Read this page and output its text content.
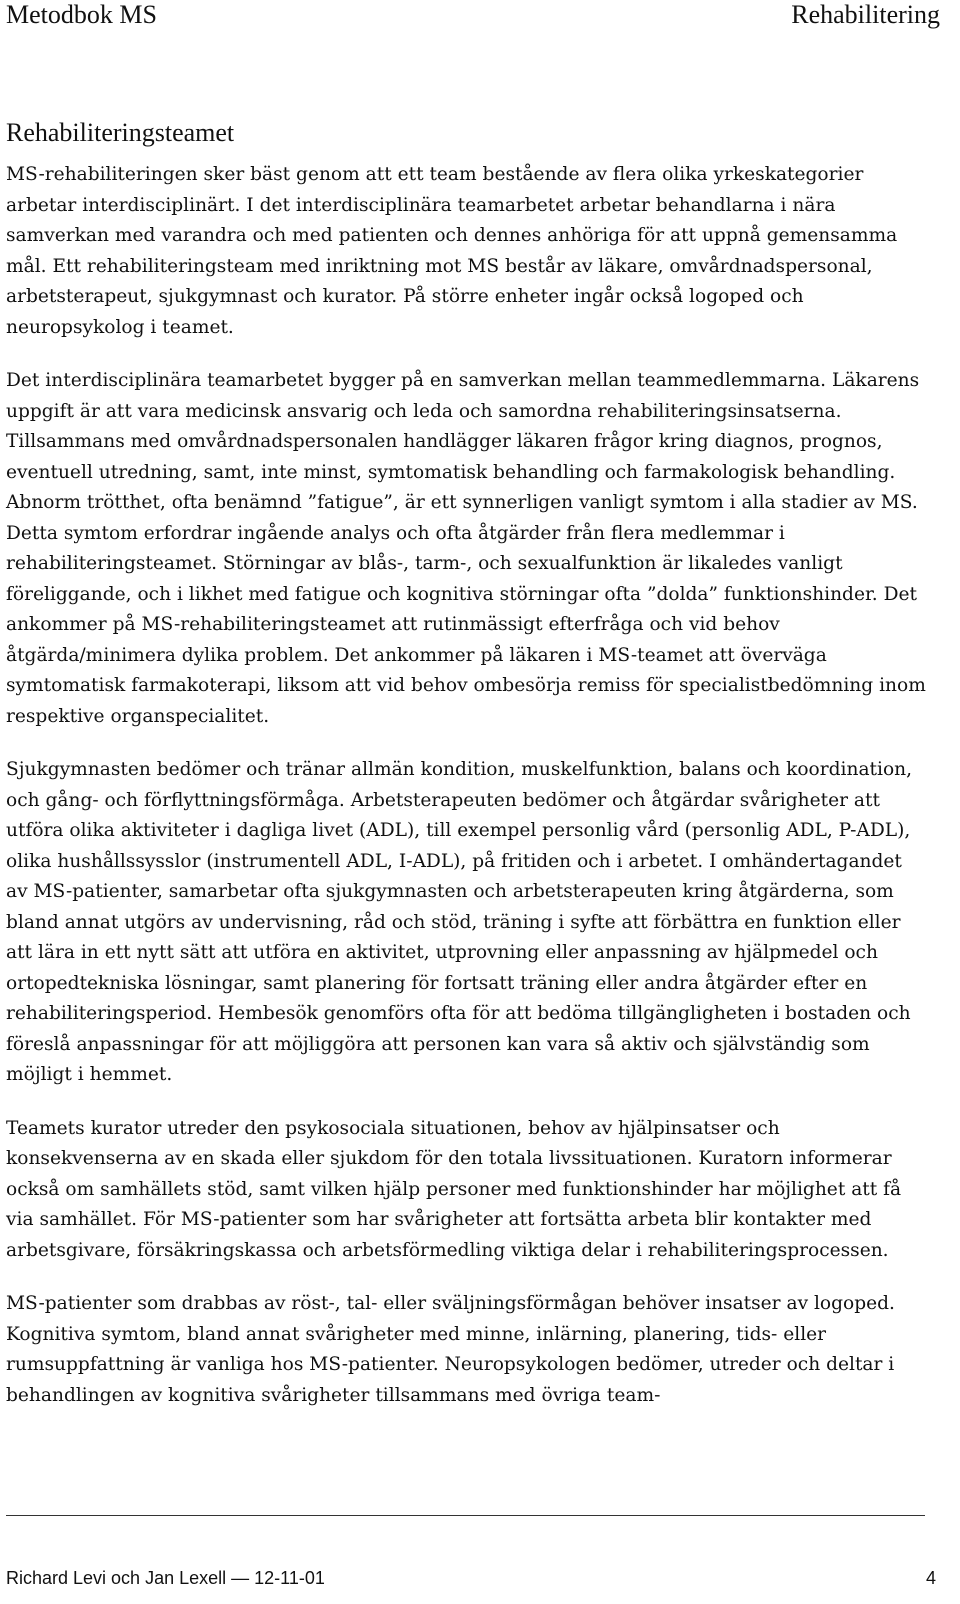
Metodbok MS	Rehabilitering
Rehabiliteringsteamet

MS-rehabiliteringen sker bäst genom att ett team bestående av flera olika yrkeskategorier arbetar interdisciplinärt. I det interdisciplinära teamarbetet arbetar behandlarna i nära samverkan med varandra och med patienten och dennes anhöriga för att uppnå gemensamma mål. Ett rehabiliteringsteam med inriktning mot MS består av läkare, omvårdnadspersonal, arbetsterapeut, sjukgymnast och kurator. På större enheter ingår också logoped och neuropsykolog i teamet.

Det interdisciplinära teamarbetet bygger på en samverkan mellan teammedlemmarna. Läkarens uppgift är att vara medicinsk ansvarig och leda och samordna rehabiliteringsinsatserna. Tillsammans med omvårdnadspersonalen handlägger läkaren frågor kring diagnos, prognos, eventuell utredning, samt, inte minst, symtomatisk behandling och farmakologisk behandling. Abnorm trötthet, ofta benämnd ”fatigue”, är ett synnerligen vanligt symtom i alla stadier av MS. Detta symtom erfordrar ingående analys och ofta åtgärder från flera medlemmar i rehabiliteringsteamet. Störningar av blås-, tarm-, och sexualfunktion är likaledes vanligt föreliggande, och i likhet med fatigue och kognitiva störningar ofta ”dolda” funktionshinder. Det ankommer på MS-rehabiliteringsteamet att rutinmässigt efterfråga och vid behov åtgärda/minimera dylika problem. Det ankommer på läkaren i MS-teamet att överväga symtomatisk farmakoterapi, liksom att vid behov ombesörja remiss för specialistbedömning inom respektive organspecialitet.

Sjukgymnasten bedömer och tränar allmän kondition, muskelfunktion, balans och koordination, och gång- och förflyttningsförmåga. Arbetsterapeuten bedömer och åtgärdar svårigheter att utföra olika aktiviteter i dagliga livet (ADL), till exempel personlig vård (personlig ADL, P-ADL), olika hushållssysslor (instrumentell ADL, I-ADL), på fritiden och i arbetet. I omhändertagandet av MS-patienter, samarbetar ofta sjukgymnasten och arbetsterapeuten kring åtgärderna, som bland annat utgörs av undervisning, råd och stöd, träning i syfte att förbättra en funktion eller att lära in ett nytt sätt att utföra en aktivitet, utprovning eller anpassning av hjälpmedel och ortopedtekniska lösningar, samt planering för fortsatt träning eller andra åtgärder efter en rehabiliteringsperiod. Hembesök genomförs ofta för att bedöma tillgängligheten i bostaden och föreslå anpassningar för att möjliggöra att personen kan vara så aktiv och självständig som möjligt i hemmet.

Teamets kurator utreder den psykosociala situationen, behov av hjälpinsatser och konsekvenserna av en skada eller sjukdom för den totala livssituationen. Kuratorn informerar också om samhällets stöd, samt vilken hjälp personer med funktionshinder har möjlighet att få via samhället. För MS-patienter som har svårigheter att fortsätta arbeta blir kontakter med arbetsgivare, försäkringskassa och arbetsförmedling viktiga delar i rehabiliteringsprocessen.

MS-patienter som drabbas av röst-, tal- eller sväljningsförmågan behöver insatser av logoped. Kognitiva symtom, bland annat svårigheter med minne, inlärning, planering, tids- eller rumsuppfattning är vanliga hos MS-patienter. Neuropsykologen bedömer, utreder och deltar i behandlingen av kognitiva svårigheter tillsammans med övriga team-

Richard Levi och Jan Lexell — 12-11-01	4
